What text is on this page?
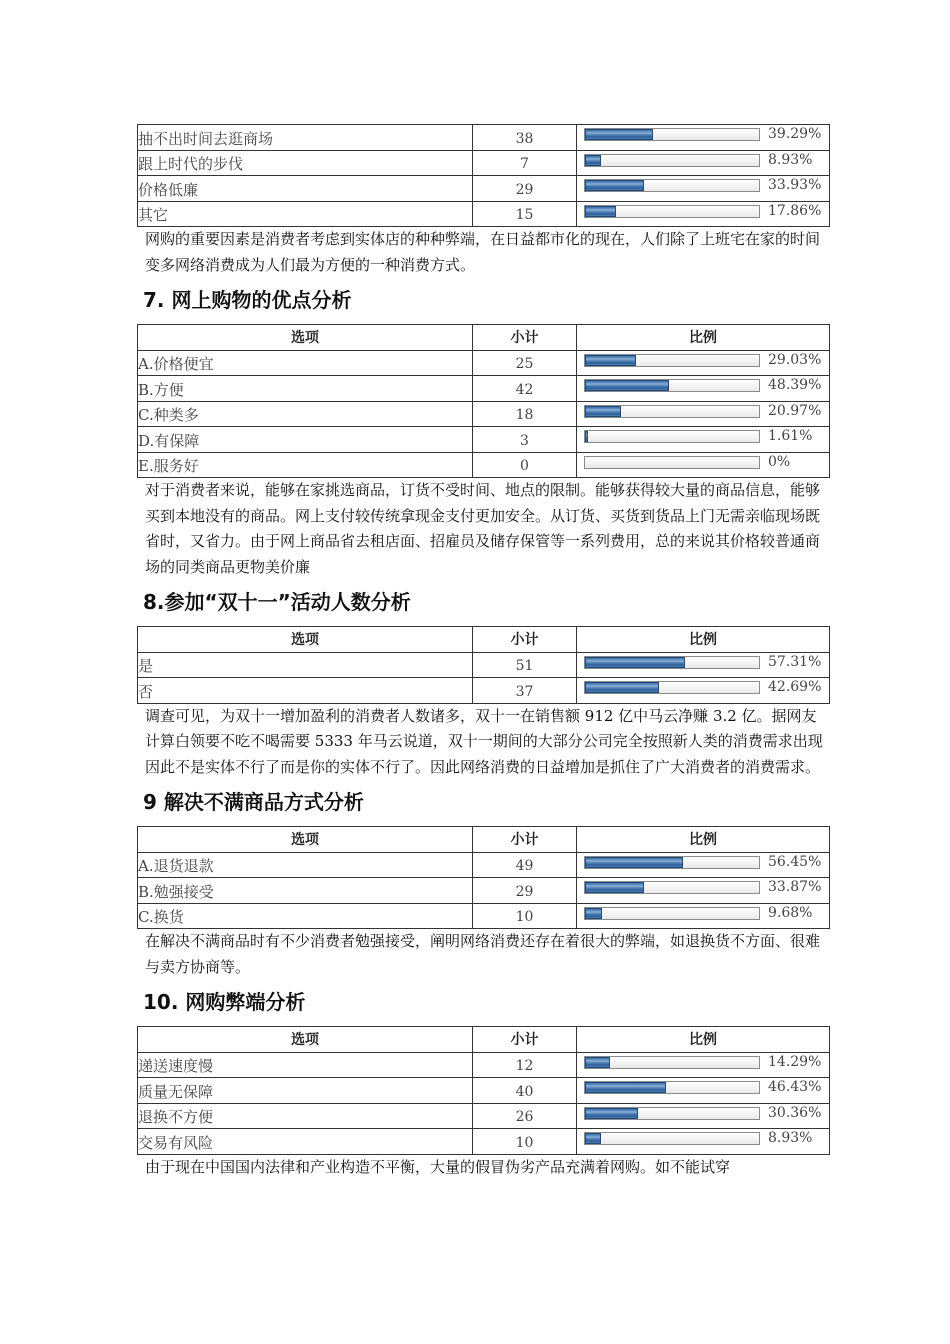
抽不出时间去逛商场	38	39.29%

跟上时代的步伐	7	8.93%

价格低廉	29	33.93%

其它	15	17.86%

网购的重要因素是消费者考虑到实体店的种种弊端，在日益都市化的现在，人们除了上班宅在家的时间变多网络消费成为人们最为方便的一种消费方式。

7. 网上购物的优点分析
选项	小计	比例
A.价格便宜	25	29.03%

B.方便	42	48.39%

C.种类多	18	20.97%

D.有保障	3	1.61%

E.服务好	0	0%

对于消费者来说，能够在家挑选商品，订货不受时间、地点的限制。能够获得较大量的商品信息，能够买到本地没有的商品。网上支付较传统拿现金支付更加安全。从订货、买货到货品上门无需亲临现场既省时，又省力。由于网上商品省去租店面、招雇员及储存保管等一系列费用，总的来说其价格较普通商场的同类商品更物美价廉

8.参加“双十一”活动人数分析
选项	小计	比例
是	51	57.31%

否	37	42.69%

调查可见，为双十一增加盈利的消费者人数诸多，双十一在销售额 912 亿中马云净赚 3.2 亿。据网友计算白领要不吃不喝需要 5333 年马云说道，双十一期间的大部分公司完全按照新人类的消费需求出现因此不是实体不行了而是你的实体不行了。因此网络消费的日益增加是抓住了广大消费者的消费需求。

9 解决不满商品方式分析
选项	小计	比例
A.退货退款	49	56.45%

B.勉强接受	29	33.87%

C.换货	10	9.68%

在解决不满商品时有不少消费者勉强接受，阐明网络消费还存在着很大的弊端，如退换货不方面、很难与卖方协商等。

10. 网购弊端分析
选项	小计	比例
递送速度慢	12	14.29%

质量无保障	40	46.43%

退换不方便	26	30.36%

交易有风险	10	8.93%

由于现在中国国内法律和产业构造不平衡，大量的假冒伪劣产品充满着网购。如不能试穿
